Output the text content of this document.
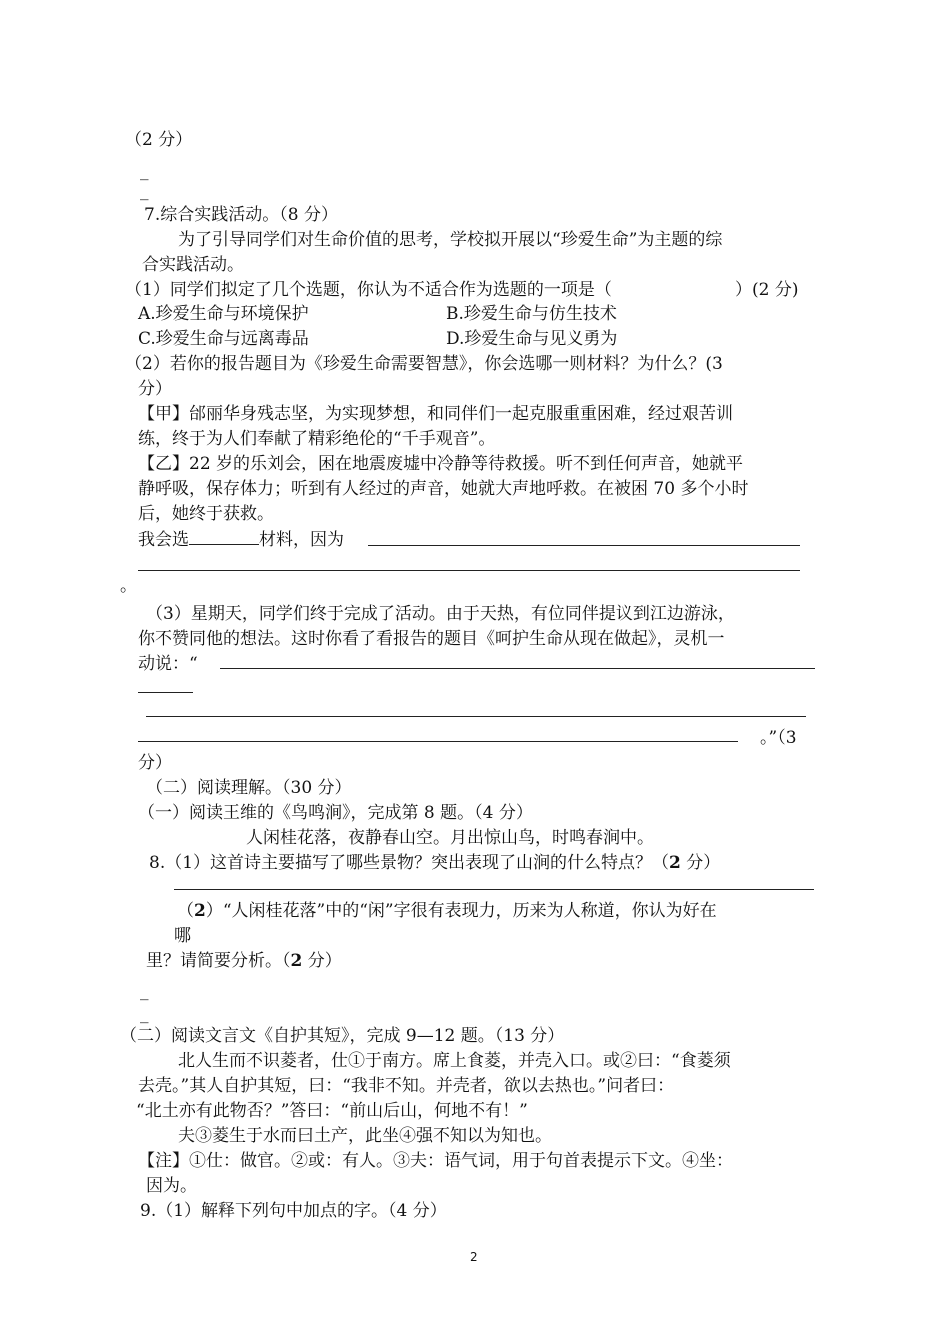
（2 分）
_
_
7.综合实践活动。（8 分）
为了引导同学们对生命价值的思考，学校拟开展以“珍爱生命”为主题的综
合实践活动。
（1）同学们拟定了几个选题，你认为不适合作为选题的一项是（	）(2 分)
A.珍爱生命与环境保护	B.珍爱生命与仿生技术
C.珍爱生命与远离毒品	D.珍爱生命与见义勇为
（2）若你的报告题目为《珍爱生命需要智慧》，你会选哪一则材料？为什么？(3
分）
【甲】邰丽华身残志坚，为实现梦想，和同伴们一起克服重重困难，经过艰苦训
练，终于为人们奉献了精彩绝伦的“千手观音”。
【乙】22 岁的乐刘会，困在地震废墟中冷静等待救援。听不到任何声音，她就平
静呼吸，保存体力；听到有人经过的声音，她就大声地呼救。在被困 70 多个小时
后，她终于获救。
我会选	材料，因为
。
（3）星期天，同学们终于完成了活动。由于天热，有位同伴提议到江边游泳，
你不赞同他的想法。这时你看了看报告的题目《呵护生命从现在做起》，灵机一
动说：“
。”（3
分）
（二）阅读理解。（30 分）
（一）阅读王维的《鸟鸣涧》，完成第 8 题。（4 分）
人闲桂花落，夜静春山空。月出惊山鸟，时鸣春涧中。
8.（1）这首诗主要描写了哪些景物？突出表现了山涧的什么特点？（2 分）
（2）“人闲桂花落”中的“闲”字很有表现力，历来为人称道，你认为好在
哪
里？请简要分析。（2 分）
_
_
（二）阅读文言文《自护其短》，完成 9—12 题。（13 分）
北人生而不识菱者，仕①于南方。席上食菱，并壳入口。或②曰：“食菱须
去壳。”其人自护其短，曰：“我非不知。并壳者，欲以去热也。”问者曰：
“北土亦有此物否？”答曰：“前山后山，何地不有！”
夫③菱生于水而曰土产，此坐④强不知以为知也。
【注】①仕：做官。②或：有人。③夫：语气词，用于句首表提示下文。④坐：
因为。
9.（1）解释下列句中加点的字。（4 分）
2
